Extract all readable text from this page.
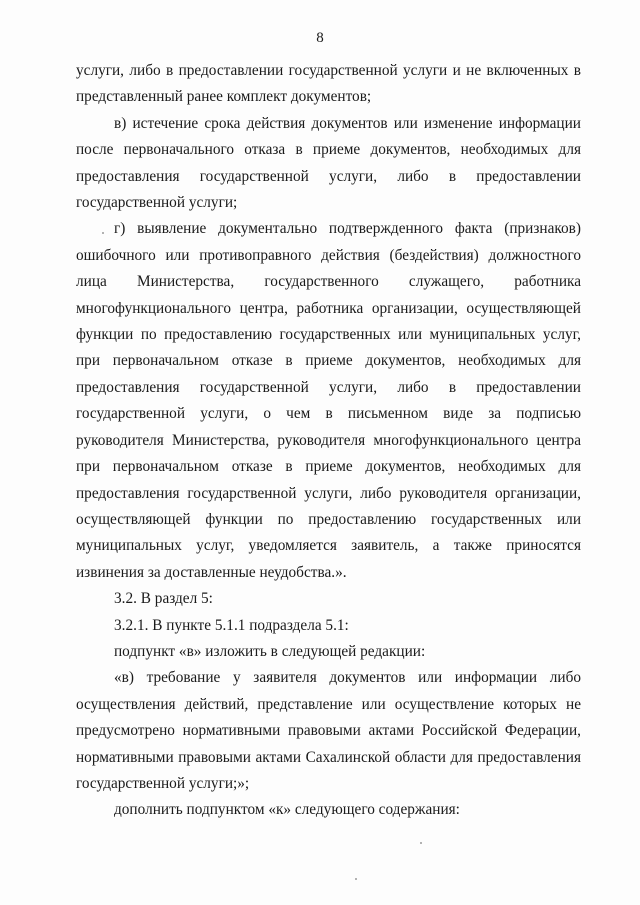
8

услуги, либо в предоставлении государственной услуги и не включенных в представленный ранее комплект документов;

в) истечение срока действия документов или изменение информации после первоначального отказа в приеме документов, необходимых для предоставления государственной услуги, либо в предоставлении государственной услуги;

г) выявление документально подтвержденного факта (признаков) ошибочного или противоправного действия (бездействия) должностного лица Министерства, государственного служащего, работника многофункционального центра, работника организации, осуществляющей функции по предоставлению государственных или муниципальных услуг, при первоначальном отказе в приеме документов, необходимых для предоставления государственной услуги, либо в предоставлении государственной услуги, о чем в письменном виде за подписью руководителя Министерства, руководителя многофункционального центра при первоначальном отказе в приеме документов, необходимых для предоставления государственной услуги, либо руководителя организации, осуществляющей функции по предоставлению государственных или муниципальных услуг, уведомляется заявитель, а также приносятся извинения за доставленные неудобства.».

3.2. В раздел 5:

3.2.1. В пункте 5.1.1 подраздела 5.1:

подпункт «в» изложить в следующей редакции:

«в) требование у заявителя документов или информации либо осуществления действий, представление или осуществление которых не предусмотрено нормативными правовыми актами Российской Федерации, нормативными правовыми актами Сахалинской области для предоставления государственной услуги;»;

дополнить подпунктом «к» следующего содержания:
